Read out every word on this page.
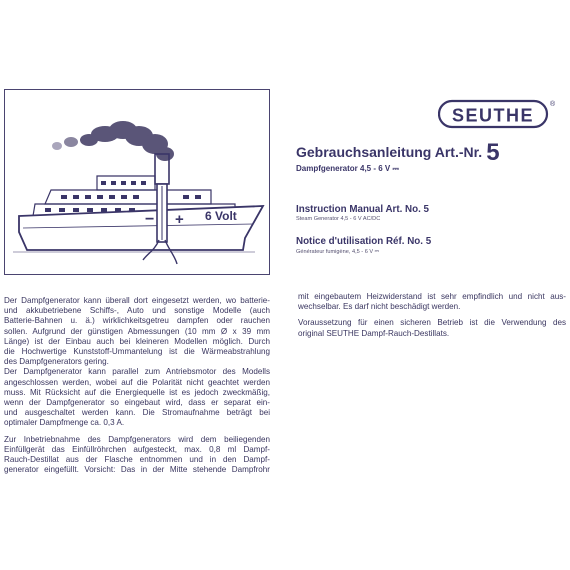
− + 6 Volt
SEUTHE
®
Gebrauchsanleitung Art.-Nr. 5
Dampfgenerator 4,5 - 6 V ⎓
Instruction Manual Art. No. 5
Steam Generator 4,5 - 6 V AC/DC
Notice d'utilisation Réf. No. 5
Générateur fumigène, 4,5 - 6 V ⎓

Der Dampfgenerator kann überall dort eingesetzt werden, wo batterie-
und akkubetriebene Schiffs-, Auto und sonstige Modelle (auch
Batterie-Bahnen u. ä.) wirklichkeitsgetreu dampfen oder rauchen
sollen. Aufgrund der günstigen Abmessungen (10 mm Ø x 39 mm
Länge) ist der Einbau auch bei kleineren Modellen möglich. Durch
die Hochwertige Kunststoff-Ummantelung ist die Wärmeabstrahlung
des Dampfgenerators gering.

Der Dampfgenerator kann parallel zum Antriebsmotor des Modells
angeschlossen werden, wobei auf die Polarität nicht geachtet werden
muss. Mit Rücksicht auf die Energiequelle ist es jedoch zweckmäßig,
wenn der Dampfgenerator so eingebaut wird, dass er separat ein-
und ausgeschaltet werden kann. Die Stromaufnahme beträgt bei
optimaler Dampfmenge ca. 0,3 A.

Zur Inbetriebnahme des Dampfgenerators wird dem beiliegenden
Einfüllgerät das Einfüllröhrchen aufgesteckt, max. 0,8 ml Dampf-
Rauch-Destillat aus der Flasche entnommen und in den Dampf-
generator eingefüllt. Vorsicht: Das in der Mitte stehende Dampfrohr

mit eingebautem Heizwiderstand ist sehr empfindlich und nicht aus-
wechselbar. Es darf nicht beschädigt werden.

Voraussetzung für einen sicheren Betrieb ist die Verwendung des
original SEUTHE Dampf-Rauch-Destillats.
